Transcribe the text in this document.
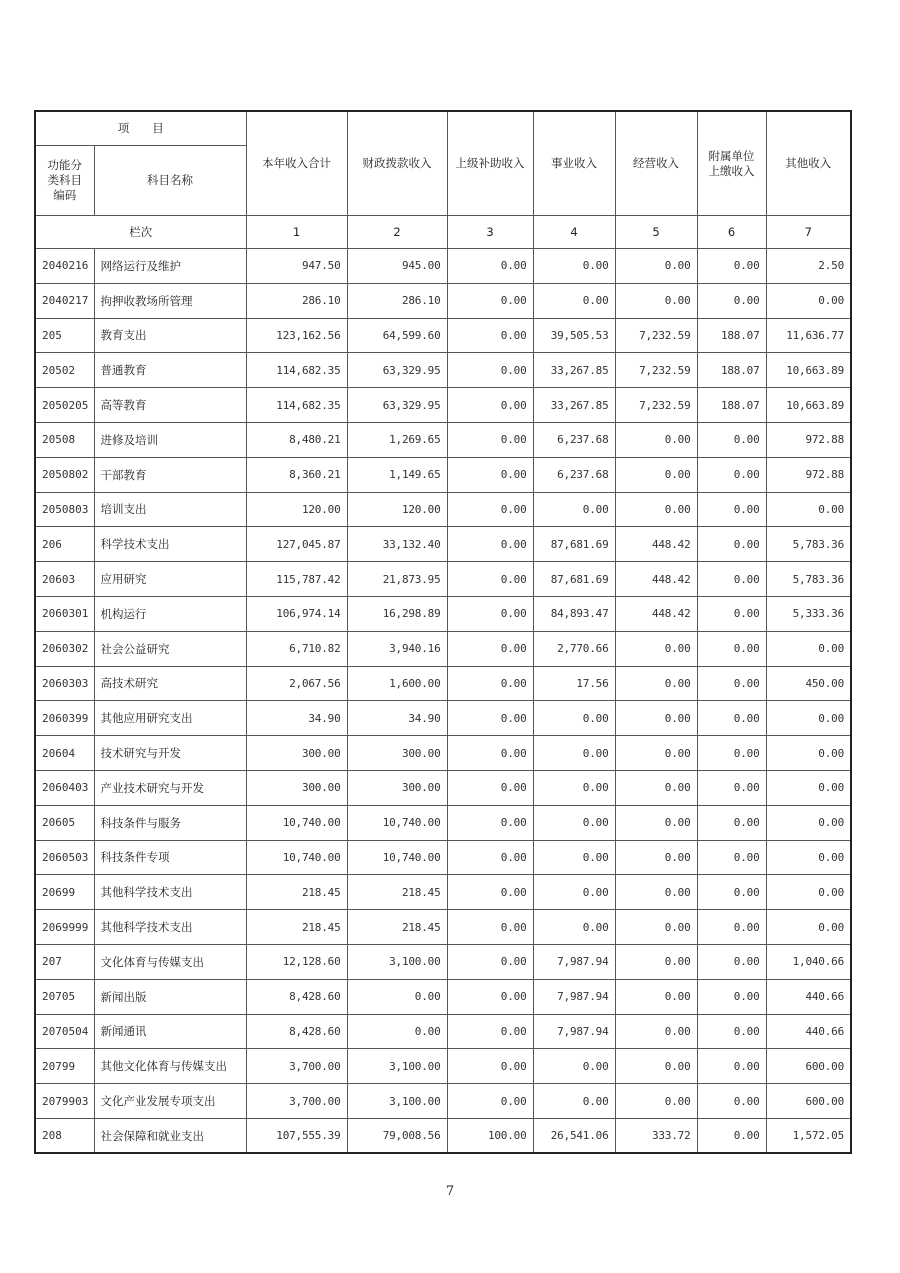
项　　目		本年收入合计	财政拨款收入	上级补助收入	事业收入	经营收入	附属单位上缴收入	其他收入
功能分类科目编码	科目名称							
栏次		1	2	3	4	5	6	7
2040216	网络运行及维护	947.50	945.00	0.00	0.00	0.00	0.00	2.50
2040217	拘押收教场所管理	286.10	286.10	0.00	0.00	0.00	0.00	0.00
205	教育支出	123,162.56	64,599.60	0.00	39,505.53	7,232.59	188.07	11,636.77
20502	普通教育	114,682.35	63,329.95	0.00	33,267.85	7,232.59	188.07	10,663.89
2050205	高等教育	114,682.35	63,329.95	0.00	33,267.85	7,232.59	188.07	10,663.89
20508	进修及培训	8,480.21	1,269.65	0.00	6,237.68	0.00	0.00	972.88
2050802	干部教育	8,360.21	1,149.65	0.00	6,237.68	0.00	0.00	972.88
2050803	培训支出	120.00	120.00	0.00	0.00	0.00	0.00	0.00
206	科学技术支出	127,045.87	33,132.40	0.00	87,681.69	448.42	0.00	5,783.36
20603	应用研究	115,787.42	21,873.95	0.00	87,681.69	448.42	0.00	5,783.36
2060301	机构运行	106,974.14	16,298.89	0.00	84,893.47	448.42	0.00	5,333.36
2060302	社会公益研究	6,710.82	3,940.16	0.00	2,770.66	0.00	0.00	0.00
2060303	高技术研究	2,067.56	1,600.00	0.00	17.56	0.00	0.00	450.00
2060399	其他应用研究支出	34.90	34.90	0.00	0.00	0.00	0.00	0.00
20604	技术研究与开发	300.00	300.00	0.00	0.00	0.00	0.00	0.00
2060403	产业技术研究与开发	300.00	300.00	0.00	0.00	0.00	0.00	0.00
20605	科技条件与服务	10,740.00	10,740.00	0.00	0.00	0.00	0.00	0.00
2060503	科技条件专项	10,740.00	10,740.00	0.00	0.00	0.00	0.00	0.00
20699	其他科学技术支出	218.45	218.45	0.00	0.00	0.00	0.00	0.00
2069999	其他科学技术支出	218.45	218.45	0.00	0.00	0.00	0.00	0.00
207	文化体育与传媒支出	12,128.60	3,100.00	0.00	7,987.94	0.00	0.00	1,040.66
20705	新闻出版	8,428.60	0.00	0.00	7,987.94	0.00	0.00	440.66
2070504	新闻通讯	8,428.60	0.00	0.00	7,987.94	0.00	0.00	440.66
20799	其他文化体育与传媒支出	3,700.00	3,100.00	0.00	0.00	0.00	0.00	600.00
2079903	文化产业发展专项支出	3,700.00	3,100.00	0.00	0.00	0.00	0.00	600.00
208	社会保障和就业支出	107,555.39	79,008.56	100.00	26,541.06	333.72	0.00	1,572.05
7
